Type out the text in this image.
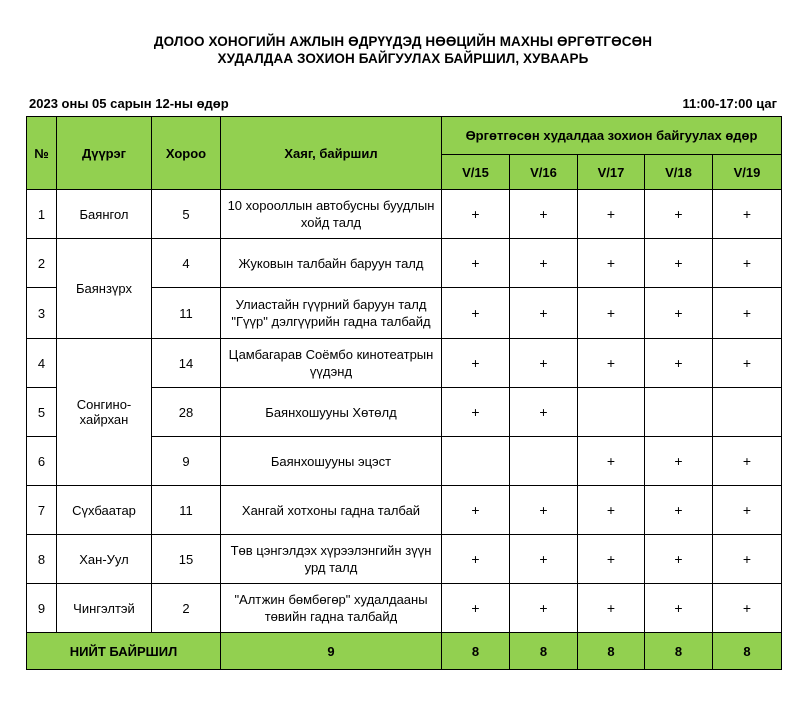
ДОЛОО ХОНОГИЙН АЖЛЫН ӨДРҮҮДЭД НӨӨЦИЙН МАХНЫ ӨРГӨТГӨСӨН
ХУДАЛДАА ЗОХИОН БАЙГУУЛАХ БАЙРШИЛ, ХУВААРЬ
2023 оны 05 сарын 12-ны өдөр	11:00-17:00 цаг
№	Дүүрэг	Хороо	Хаяг, байршил	Өргөтгөсөн худалдаа зохион байгуулах өдөр				
				V/15	V/16	V/17	V/18	V/19
1	Баянгол	5	10 хорооллын автобусны буудлын хойд талд	+	+	+	+	+
2	Баянзүрх	4	Жуковын талбайн баруун талд	+	+	+	+	+
3		11	Улиастайн гүүрний баруун талд "Гүүр" дэлгүүрийн гадна талбайд	+	+	+	+	+
4	Сонгино-хайрхан	14	Цамбагарав Соёмбо кинотеатрын үүдэнд	+	+	+	+	+
5		28	Баянхошууны Хөтөлд	+	+			
6		9	Баянхошууны эцэст			+	+	+
7	Сүхбаатар	11	Хангай хотхоны гадна талбай	+	+	+	+	+
8	Хан-Уул	15	Төв цэнгэлдэх хүрээлэнгийн зүүн урд талд	+	+	+	+	+
9	Чингэлтэй	2	"Алтжин бөмбөгөр" худалдааны төвийн гадна талбайд	+	+	+	+	+
НИЙТ БАЙРШИЛ			9	8	8	8	8	8
